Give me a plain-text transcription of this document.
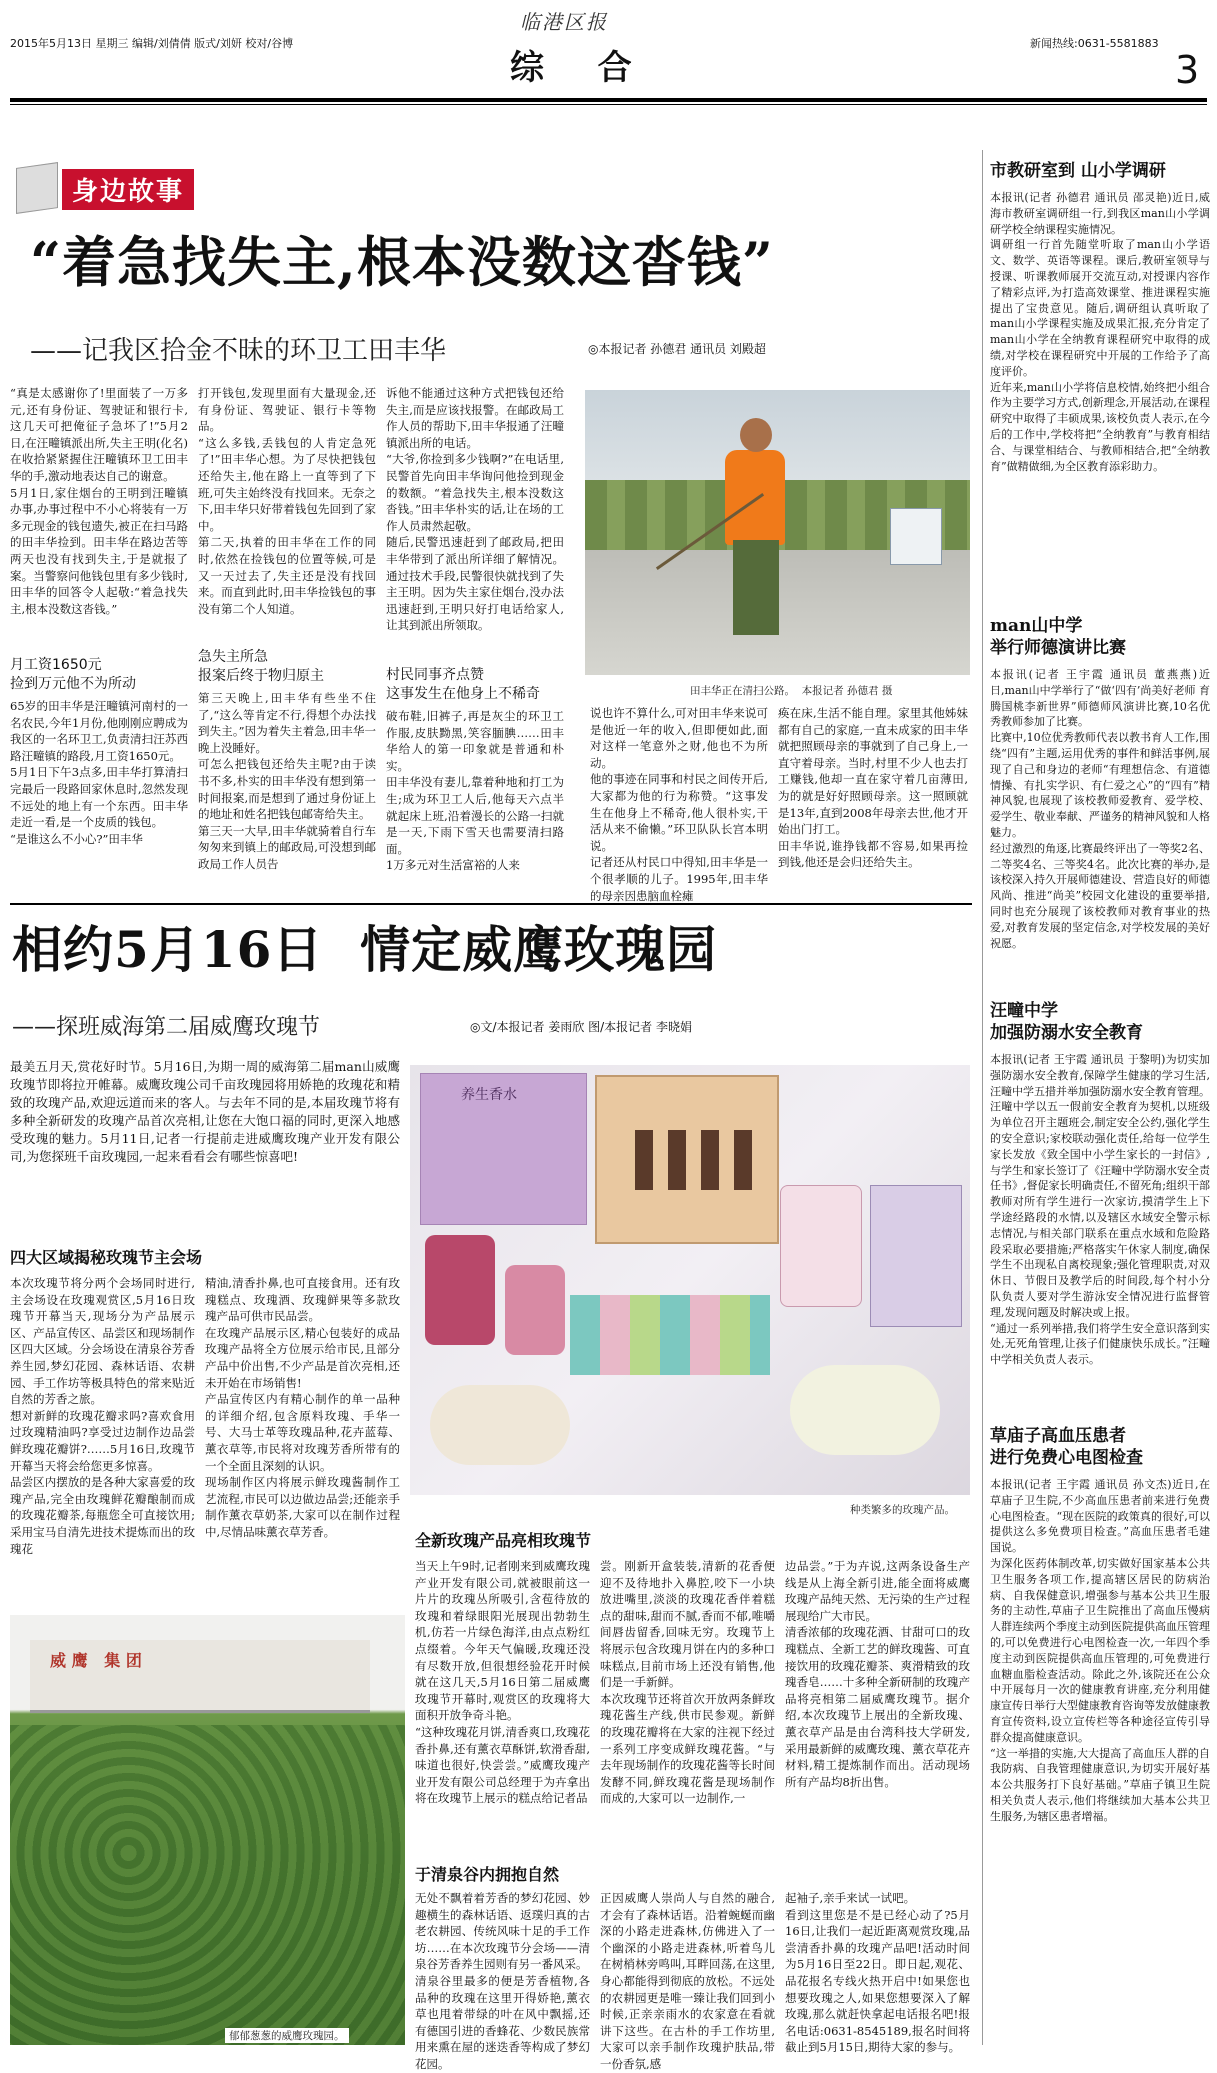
临港区报
2015年5月13日 星期三 编辑/刘倩倩 版式/刘妍 校对/谷博
综  合
新闻热线:0631-5581883
3
身边故事
“着急找失主,根本没数这沓钱”
——记我区拾金不昧的环卫工田丰华	◎本报记者 孙德君 通讯员 刘殿超

“真是太感谢你了!里面装了一万多元,还有身份证、驾驶证和银行卡,这几天可把俺征子急坏了!”5月2日,在汪疃镇派出所,失主王明(化名)在收拾紧紧握住汪疃镇环卫工田丰华的手,激动地表达自己的谢意。
5月1日,家住烟台的王明到汪疃镇办事,办事过程中不小心将装有一万多元现金的钱包遗失,被正在扫马路的田丰华捡到。田丰华在路边苦等两天也没有找到失主,于是就报了案。当警察问他钱包里有多少钱时,田丰华的回答令人起敬:“着急找失主,根本没数这沓钱。”

月工资1650元
捡到万元他不为所动

65岁的田丰华是汪疃镇河南村的一名农民,今年1月份,他刚刚应聘成为我区的一名环卫工,负责清扫汪苏西路汪疃镇的路段,月工资1650元。
5月1日下午3点多,田丰华打算清扫完最后一段路回家休息时,忽然发现不远处的地上有一个东西。田丰华走近一看,是一个皮质的钱包。
“是谁这么不小心?”田丰华

打开钱包,发现里面有大量现金,还有身份证、驾驶证、银行卡等物品。
“这么多钱,丢钱包的人肯定急死了!”田丰华心想。为了尽快把钱包还给失主,他在路上一直等到了下班,可失主始终没有找回来。无奈之下,田丰华只好带着钱包先回到了家中。
第二天,执着的田丰华在工作的同时,依然在捡钱包的位置等候,可是又一天过去了,失主还是没有找回来。而直到此时,田丰华捡钱包的事没有第二个人知道。

急失主所急
报案后终于物归原主

第三天晚上,田丰华有些坐不住了,“这么等肯定不行,得想个办法找到失主。”因为着失主着急,田丰华一晚上没睡好。
可怎么把钱包还给失主呢?由于读书不多,朴实的田丰华没有想到第一时间报案,而是想到了通过身份证上的地址和姓名把钱包邮寄给失主。
第三天一大早,田丰华就骑着自行车匆匆来到镇上的邮政局,可没想到邮政局工作人员告

诉他不能通过这种方式把钱包还给失主,而是应该找报警。在邮政局工作人员的帮助下,田丰华报通了汪疃镇派出所的电话。
“大爷,你捡到多少钱啊?”在电话里,民警首先向田丰华询问他捡到现金的数额。“着急找失主,根本没数这沓钱。”田丰华朴实的话,让在场的工作人员肃然起敬。
随后,民警迅速赶到了邮政局,把田丰华带到了派出所详细了解情况。通过技术手段,民警很快就找到了失主王明。因为失主家住烟台,没办法迅速赶到,王明只好打电话给家人,让其到派出所领取。

村民同事齐点赞
这事发生在他身上不稀奇

破布鞋,旧裤子,再是灰尘的环卫工作服,皮肤黝黑,笑容腼腆……田丰华给人的第一印象就是普通和朴实。
田丰华没有妻儿,靠着种地和打工为生;成为环卫工人后,他每天六点半就起床上班,沿着漫长的公路一扫就是一天,下雨下雪天也需要清扫路面。
1万多元对生活富裕的人来

田丰华正在清扫公路。  本报记者 孙德君 摄

说也许不算什么,可对田丰华来说可是他近一年的收入,但即便如此,面对这样一笔意外之财,他也不为所动。
他的事迹在同事和村民之间传开后,大家都为他的行为称赞。“这事发生在他身上不稀奇,他人很朴实,干活从来不偷懒。”环卫队队长宫本明说。
记者还从村民口中得知,田丰华是一个很孝顺的儿子。1995年,田丰华的母亲因患脑血栓瘫

痪在床,生活不能自理。家里其他姊妹都有自己的家庭,一直未成家的田丰华就把照顾母亲的事就到了自己身上,一直守着母亲。当时,村里不少人也去打工赚钱,他却一直在家守着几亩薄田,为的就是好好照顾母亲。这一照顾就是13年,直到2008年母亲去世,他才开始出门打工。
田丰华说,谁挣钱都不容易,如果再捡到钱,他还是会归还给失主。

相约5月16日  情定威鹰玫瑰园
——探班威海第二届威鹰玫瑰节	◎文/本报记者 姜雨欣 图/本报记者 李晓娟

最美五月天,赏花好时节。5月16日,为期一周的威海第二届man山威鹰玫瑰节即将拉开帷幕。威鹰玫瑰公司千亩玫瑰园将用娇艳的玫瑰花和精致的玫瑰产品,欢迎远道而来的客人。与去年不同的是,本届玫瑰节将有多种全新研发的玫瑰产品首次亮相,让您在大饱口福的同时,更深入地感受玫瑰的魅力。5月11日,记者一行提前走进威鹰玫瑰产业开发有限公司,为您探班千亩玫瑰园,一起来看看会有哪些惊喜吧!

四大区域揭秘玫瑰节主会场

本次玫瑰节将分两个会场同时进行,主会场设在玫瑰观赏区,5月16日玫瑰节开幕当天,现场分为产品展示区、产品宣传区、品尝区和现场制作区四大区域。分会场设在清泉谷芳香养生园,梦幻花园、森林话语、农耕园、手工作坊等极具特色的常来贴近自然的芳香之旅。
想对新鲜的玫瑰花瓣求吗?喜欢食用过玫瑰精油吗?享受过边制作边品尝鲜玫瑰花瓣饼?……5月16日,玫瑰节开幕当天将会给您更多惊喜。
品尝区内摆放的是各种大家喜爱的玫瑰产品,完全由玫瑰鲜花瓣酿制而成的玫瑰花瓣茶,每瓶您全可直接饮用;采用宝马自清先进技术提炼而出的玫瑰花

精油,清香扑鼻,也可直接食用。还有玫瑰糕点、玫瑰酒、玫瑰鲜果等多款玫瑰产品可供市民品尝。
在玫瑰产品展示区,精心包装好的成品玫瑰产品将全方位展示给市民,且部分产品中价出售,不少产品是首次亮相,还未开始在市场销售!
产品宣传区内有精心制作的单一品种的详细介绍,包含原料玫瑰、手华一号、大马士革等玫瑰品种,花卉蓝莓、薰衣草等,市民将对玫瑰芳香所带有的一个全面且深刻的认识。
现场制作区内将展示鲜玫瑰酱制作工艺流程,市民可以边做边品尝;还能亲手制作薰衣草奶茶,大家可以在制作过程中,尽情品味薰衣草芳香。

养生香水
种类繁多的玫瑰产品。
全新玫瑰产品亮相玫瑰节

当天上午9时,记者刚来到威鹰玫瑰产业开发有限公司,就被眼前这一片片的玫瑰丛所吸引,含苞待放的玫瑰和着绿眼阳光展现出勃勃生机,仿若一片绿色海洋,由点点粉红点缀着。今年天气偏暖,玫瑰还没有尽数开放,但很想经验花开时候就在这几天,5月16日第二届威鹰玫瑰节开幕时,观赏区的玫瑰将大面积开放争奇斗艳。
“这种玫瑰花月饼,清香爽口,玫瑰花香扑鼻,还有薰衣草酥饼,软滑香甜,味道也很好,快尝尝。”威鹰玫瑰产业开发有限公司总经理于为卉拿出将在玫瑰节上展示的糕点给记者品

尝。刚新开盒装装,清新的花香便迎不及待地扑入鼻腔,咬下一小块放进嘴里,淡淡的玫瑰花香伴着糕点的甜味,甜而不腻,香而不郁,唯嚼间唇齿留香,回味无穷。玫瑰节上将展示包含玫瑰月饼在内的多种口味糕点,目前市场上还没有销售,他们是一手新鲜。
本次玫瑰节还将首次开放两条鲜玫瑰花酱生产线,供市民参观。新鲜的玫瑰花瓣将在大家的注视下经过一系列工序变成鲜玫瑰花酱。“与去年现场制作的玫瑰花酱等长时间发酵不同,鲜玫瑰花酱是现场制作而成的,大家可以一边制作,一

边品尝。”于为卉说,这两条设备生产线是从上海全新引进,能全面将威鹰玫瑰产品纯天然、无污染的生产过程展现给广大市民。
清香浓郁的玫瑰花酒、甘甜可口的玫瑰糕点、全新工艺的鲜玫瑰酱、可直接饮用的玫瑰花瓣茶、爽滑精致的玫瑰香皂……十多种全新研制的玫瑰产品将亮相第二届威鹰玫瑰节。据介绍,本次玫瑰节上展出的全新玫瑰、薰衣草产品是由台湾科技大学研发,采用最新鲜的威鹰玫瑰、薰衣草花卉材料,精工提炼制作而出。活动现场所有产品均8折出售。

威 鹰   集 团
郁郁葱葱的威鹰玫瑰园。
于清泉谷内拥抱自然

无处不飘着着芳香的梦幻花园、妙趣横生的森林话语、返璞归真的古老农耕园、传统风味十足的手工作坊……在本次玫瑰节分会场——清泉谷芳香养生园则有另一番风采。
清泉谷里最多的便是芳香植物,各品种的玫瑰在这里开得娇艳,薰衣草也甩着带绿的叶在风中飘摇,还有德国引进的香蜂花、少数民族常用来熏在屋的迷迭香等构成了梦幻花园。

正因威鹰人崇尚人与自然的融合,才会有了森林话语。沿着蜿蜒而幽深的小路走进森林,仿佛进入了一个幽深的小路走进森林,听着鸟儿在树梢林旁鸣叫,耳畔回荡,在这里,身心都能得到彻底的放松。不远处的农耕园更是唯一臻让我们回到小时候,正亲亲雨水的农家意在看就讲下这些。在古朴的手工作坊里,大家可以亲手制作玫瑰护肤品,带一份香氛,感

起袖子,亲手来试一试吧。
看到这里您是不是已经心动了?5月16日,让我们一起近距离观赏玫瑰,品尝清香扑鼻的玫瑰产品吧!活动时间为5月16日至22日。即日起,观花、品花报名专线火热开启中!如果您也想要玫瑰之人,如果您想要深入了解玫瑰,那么就赶快拿起电话报名吧!报名电话:0631-8545189,报名时间将截止到5月15日,期待大家的参与。

市教研室到 山小学调研

本报讯(记者 孙德君 通讯员 邵灵艳)近日,威海市教研室调研组一行,到我区man山小学调研学校全纳课程实施情况。
调研组一行首先随堂听取了man山小学语文、数学、英语等课程。课后,教研室领导与授课、听课教师展开交流互动,对授课内容作了精彩点评,为打造高效课堂、推进课程实施提出了宝贵意见。随后,调研组认真听取了man山小学课程实施及成果汇报,充分肯定了man山小学在全纳教育课程研究中取得的成绩,对学校在课程研究中开展的工作给予了高度评价。
近年来,man山小学将信息校情,始终把小组合作为主要学习方式,创新理念,开展活动,在课程研究中取得了丰硕成果,该校负责人表示,在今后的工作中,学校将把“全纳教育”与教育相结合、与课堂相结合、与教师相结合,把“全纳教育”做精做细,为全区教育添彩助力。

man山中学
举行师德演讲比赛

本报讯(记者 王宇霞 通讯员 董燕燕)近日,man山中学举行了“做‘四有’尚美好老师 育腾国桃李新世界”师德师风演讲比赛,10名优秀教师参加了比赛。
比赛中,10位优秀教师代表以教书育人工作,围绕“四有”主题,运用优秀的事件和鲜活事例,展现了自己和身边的老师“有理想信念、有道德情操、有扎实学识、有仁爱之心”的“四有”精神风貌,也展现了该校教师爱教育、爱学校、爱学生、敬业奉献、严谨务的精神风貌和人格魅力。
经过激烈的角逐,比赛最终评出了一等奖2名、二等奖4名、三等奖4名。此次比赛的举办,是该校深入持久开展师德建设、营造良好的师德风尚、推进“尚美”校园文化建设的重要举措,同时也充分展现了该校教师对教育事业的热爱,对教育发展的坚定信念,对学校发展的美好祝愿。

汪疃中学
加强防溺水安全教育

本报讯(记者 王宇霞 通讯员 于黎明)为切实加强防溺水安全教育,保障学生健康的学习生活,汪疃中学五措并举加强防溺水安全教育管理。
汪疃中学以五一假前安全教育为契机,以班级为单位召开主题班会,制定安全公约,强化学生的安全意识;家校联动强化责任,给每一位学生家长发放《致全国中小学生家长的一封信》,与学生和家长签订了《汪疃中学防溺水安全责任书》,督促家长明确责任,不留死角;组织干部教师对所有学生进行一次家访,摸清学生上下学途经路段的水情,以及辖区水域安全警示标志情况,与相关部门联系在重点水域和危险路段采取必要措施;严格落实午休家人制度,确保学生不出现私自离校现象;强化管理职责,对双休日、节假日及教学后的时间段,每个村小分队负责人要对学生游泳安全情况进行监督管理,发现问题及时解决或上报。
“通过一系列举措,我们将学生安全意识落到实处,无死角管理,让孩子们健康快乐成长。”汪疃中学相关负责人表示。

草庙子高血压患者
进行免费心电图检查

本报讯(记者 王宇霞 通讯员 孙文杰)近日,在草庙子卫生院,不少高血压患者前来进行免费心电图检查。“现在医院的政策真的很好,可以提供这么多免费项目检查。”高血压患者毛建国说。
为深化医药体制改革,切实做好国家基本公共卫生服务各项工作,提高辖区居民的防病治病、自我保健意识,增强参与基本公共卫生服务的主动性,草庙子卫生院推出了高血压慢病人群连续两个季度主动到医院提供高血压管理的,可以免费进行心电图检查一次,一年四个季度主动到医院提供高血压管理的,可免费进行血糖血脂检查活动。除此之外,该院还在公众中开展每月一次的健康教育讲座,充分利用健康宣传日举行大型健康教育咨询等发放健康教育宣传资料,设立宣传栏等各种途径宣传引导群众提高健康意识。
“这一举措的实施,大大提高了高血压人群的自我防病、自我管理健康意识,为切实开展好基本公共服务打下良好基础。”草庙子镇卫生院相关负责人表示,他们将继续加大基本公共卫生服务,为辖区患者增福。
